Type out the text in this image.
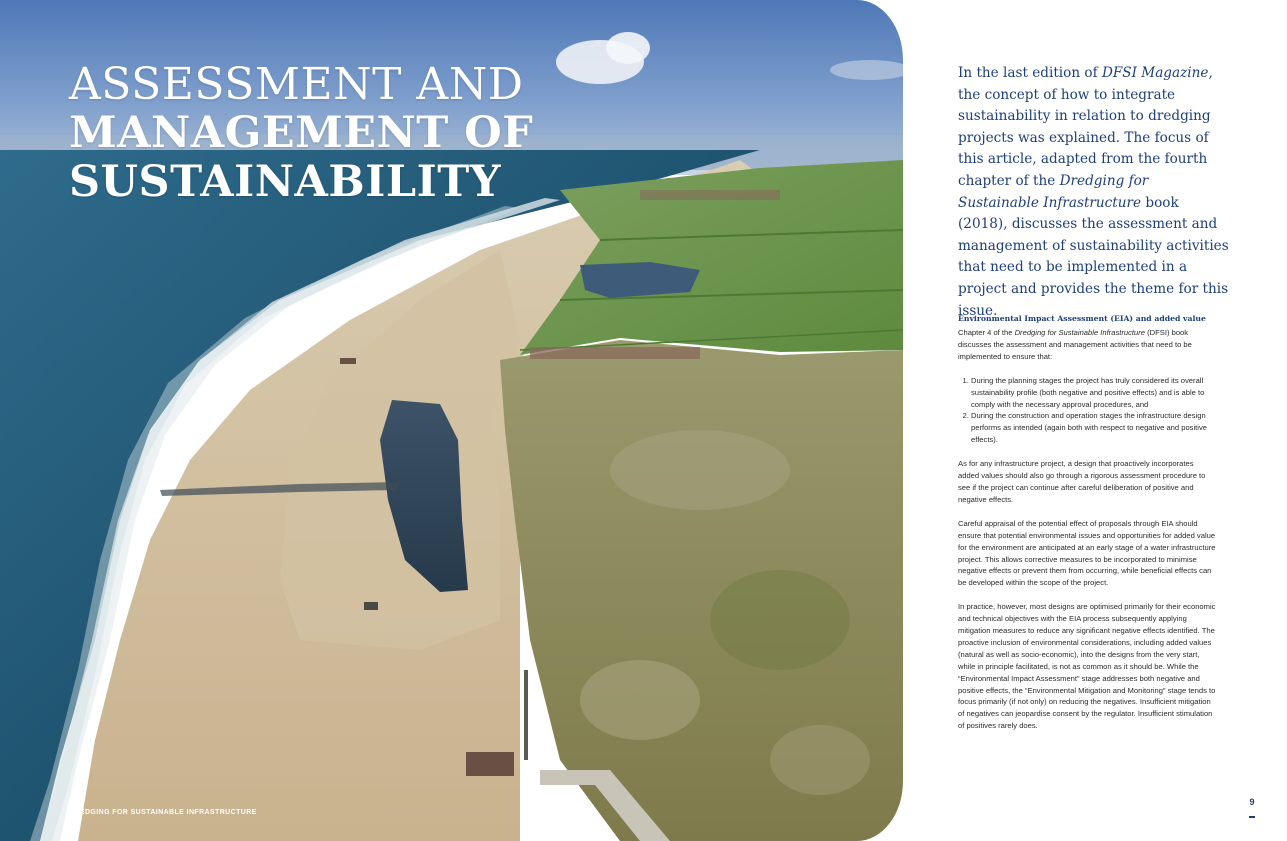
ASSESSMENT AND
MANAGEMENT OF
SUSTAINABILITY
DREDGING FOR SUSTAINABLE INFRASTRUCTURE

In the last edition of DFSI Magazine, the concept of how to integrate sustainability in relation to dredging projects was explained. The focus of this article, adapted from the fourth chapter of the Dredging for Sustainable Infrastructure book (2018), discusses the assessment and management of sustainability activities that need to be implemented in a project and provides the theme for this issue.

Environmental Impact Assessment (EIA) and added value

Chapter 4 of the Dredging for Sustainable Infrastructure (DFSI) book discusses the assessment and management activities that need to be implemented to ensure that:

1. During the planning stages the project has truly considered its overall sustainability profile (both negative and positive effects) and is able to comply with the necessary approval procedures, and
2. During the construction and operation stages the infrastructure design performs as intended (again both with respect to negative and positive effects).

As for any infrastructure project, a design that proactively incorporates added values should also go through a rigorous assessment procedure to see if the project can continue after careful deliberation of positive and negative effects.

Careful appraisal of the potential effect of proposals through EIA should ensure that potential environmental issues and opportunities for added value for the environment are anticipated at an early stage of a water infrastructure project. This allows corrective measures to be incorporated to minimise negative effects or prevent them from occurring, while beneficial effects can be developed within the scope of the project.

In practice, however, most designs are optimised primarily for their economic and technical objectives with the EIA process subsequently applying mitigation measures to reduce any significant negative effects identified. The proactive inclusion of environmental considerations, including added values (natural as well as socio-economic), into the designs from the very start, while in principle facilitated, is not as common as it should be. While the “Environmental Impact Assessment” stage addresses both negative and positive effects, the “Environmental Mitigation and Monitoring” stage tends to focus primarily (if not only) on reducing the negatives. Insufficient mitigation of negatives can jeopardise consent by the regulator. Insufficient stimulation of positives rarely does.

9
